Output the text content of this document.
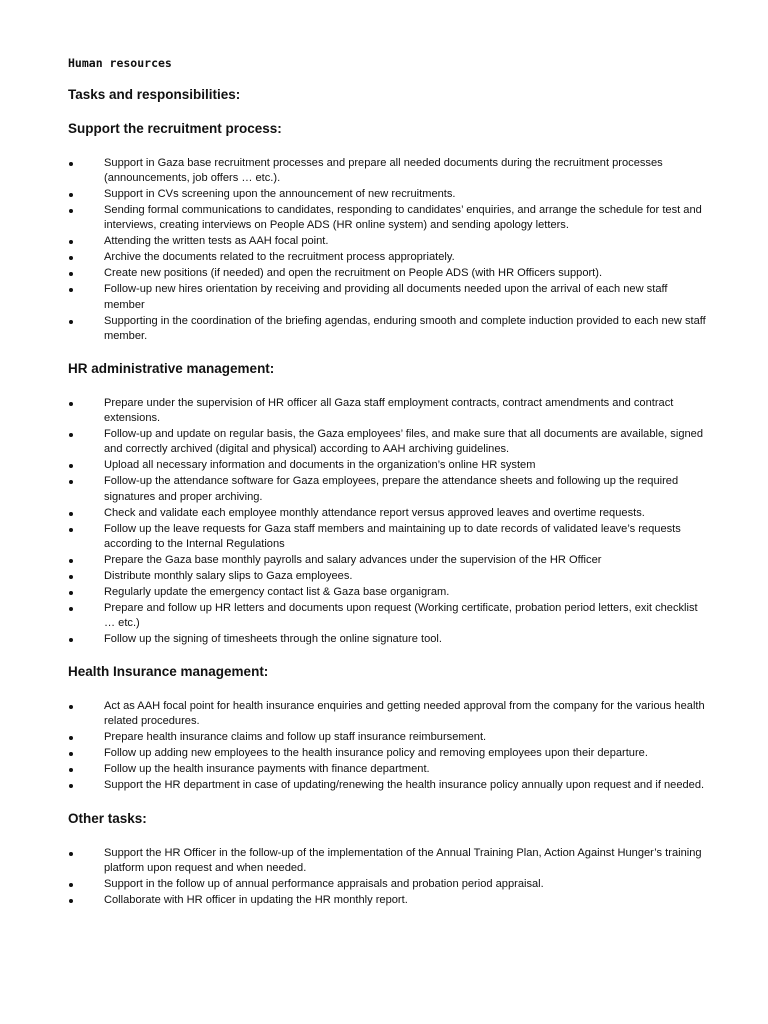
Human resources
Tasks and responsibilities:
Support the recruitment process:
Support in Gaza base recruitment processes and prepare all needed documents during the recruitment processes (announcements, job offers … etc.).
Support in CVs screening upon the announcement of new recruitments.
Sending formal communications to candidates, responding to candidates’ enquiries, and arrange the schedule for test and interviews, creating interviews on People ADS (HR online system) and sending apology letters.
Attending the written tests as AAH focal point.
Archive the documents related to the recruitment process appropriately.
Create new positions (if needed) and open the recruitment on People ADS (with HR Officers support).
Follow-up new hires orientation by receiving and providing all documents needed upon the arrival of each new staff member
Supporting in the coordination of the briefing agendas, enduring smooth and complete induction provided to each new staff member.
HR administrative management:
Prepare under the supervision of HR officer all Gaza staff employment contracts, contract amendments and contract extensions.
Follow-up and update on regular basis, the Gaza employees’ files, and make sure that all documents are available, signed and correctly archived (digital and physical) according to AAH archiving guidelines.
Upload all necessary information and documents in the organization’s online HR system
Follow-up the attendance software for Gaza employees, prepare the attendance sheets and following up the required signatures and proper archiving.
Check and validate each employee monthly attendance report versus approved leaves and overtime requests.
Follow up the leave requests for Gaza staff members and maintaining up to date records of validated leave’s requests according to the Internal Regulations
Prepare the Gaza base monthly payrolls and salary advances under the supervision of the HR Officer
Distribute monthly salary slips to Gaza employees.
Regularly update the emergency contact list & Gaza base organigram.
Prepare and follow up HR letters and documents upon request (Working certificate, probation period letters, exit checklist … etc.)
Follow up the signing of timesheets through the online signature tool.
Health Insurance management:
Act as AAH focal point for health insurance enquiries and getting needed approval from the company for the various health related procedures.
Prepare health insurance claims and follow up staff insurance reimbursement.
Follow up adding new employees to the health insurance policy and removing employees upon their departure.
Follow up the health insurance payments with finance department.
Support the HR department in case of updating/renewing the health insurance policy annually upon request and if needed.
Other tasks:
Support the HR Officer in the follow-up of the implementation of the Annual Training Plan, Action Against Hunger’s training platform upon request and when needed.
Support in the follow up of annual performance appraisals and probation period appraisal.
Collaborate with HR officer in updating the HR monthly report.
